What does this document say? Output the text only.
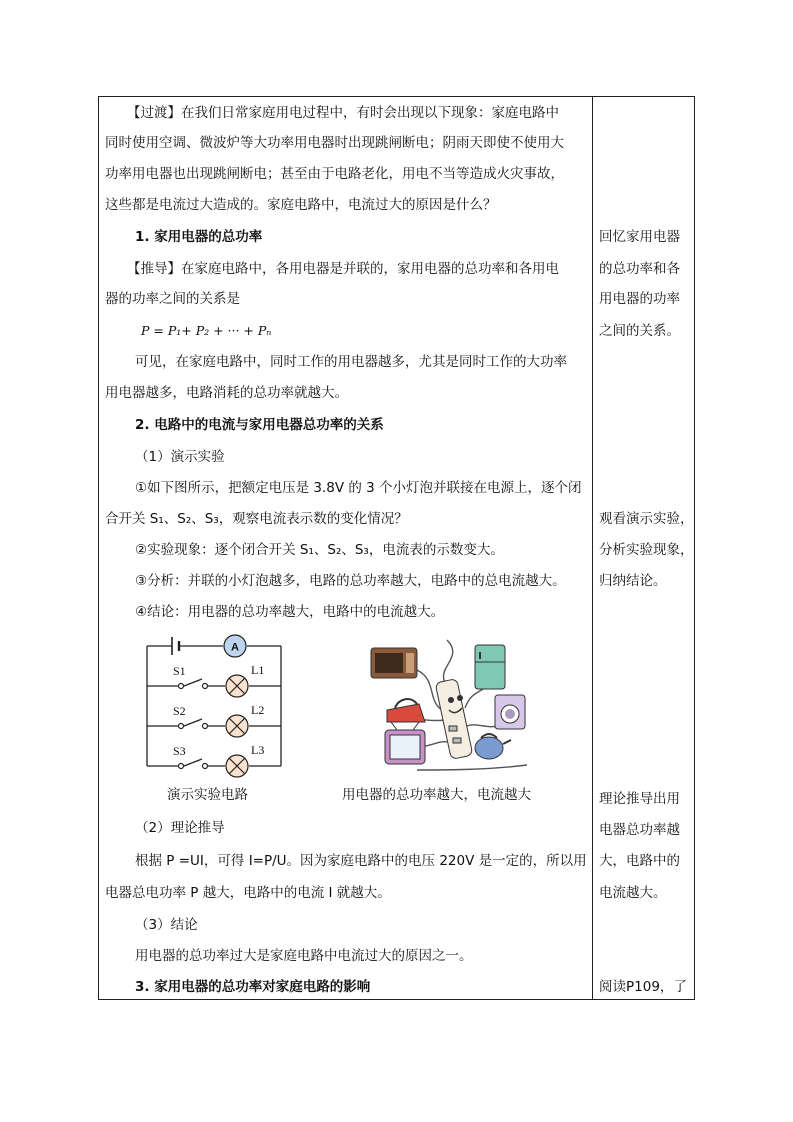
【过渡】在我们日常家庭用电过程中，有时会出现以下现象：家庭电路中
同时使用空调、微波炉等大功率用电器时出现跳闸断电；阴雨天即使不使用大
功率用电器也出现跳闸断电；甚至由于电路老化，用电不当等造成火灾事故，
这些都是电流过大造成的。家庭电路中，电流过大的原因是什么？
1. 家用电器的总功率
【推导】在家庭电路中，各用电器是并联的，家用电器的总功率和各用电
器的功率之间的关系是
P = P₁+ P₂ + ··· + Pₙ
可见，在家庭电路中，同时工作的用电器越多，尤其是同时工作的大功率
用电器越多，电路消耗的总功率就越大。
2. 电路中的电流与家用电器总功率的关系
（1）演示实验
①如下图所示，把额定电压是 3.8V 的 3 个小灯泡并联接在电源上，逐个闭
合开关 S₁、S₂、S₃，观察电流表示数的变化情况？
②实验现象：逐个闭合开关 S₁、S₂、S₃，电流表的示数变大。
③分析：并联的小灯泡越多，电路的总功率越大，电路中的总电流越大。
④结论：用电器的总功率越大，电路中的电流越大。
A
S1
S2
S3
L1
L2
L3
演示实验电路	用电器的总功率越大，电流越大
（2）理论推导
根据 P =UI，可得 I=P/U。因为家庭电路中的电压 220V 是一定的，所以用
电器总电功率 P 越大，电路中的电流 I 就越大。
（3）结论
用电器的总功率过大是家庭电路中电流过大的原因之一。
3. 家用电器的总功率对家庭电路的影响
回忆家用电器
的总功率和各
用电器的功率
之间的关系。
观看演示实验，
分析实验现象，
归纳结论。
理论推导出用
电器总功率越
大，电路中的
电流越大。
阅读P109，了
